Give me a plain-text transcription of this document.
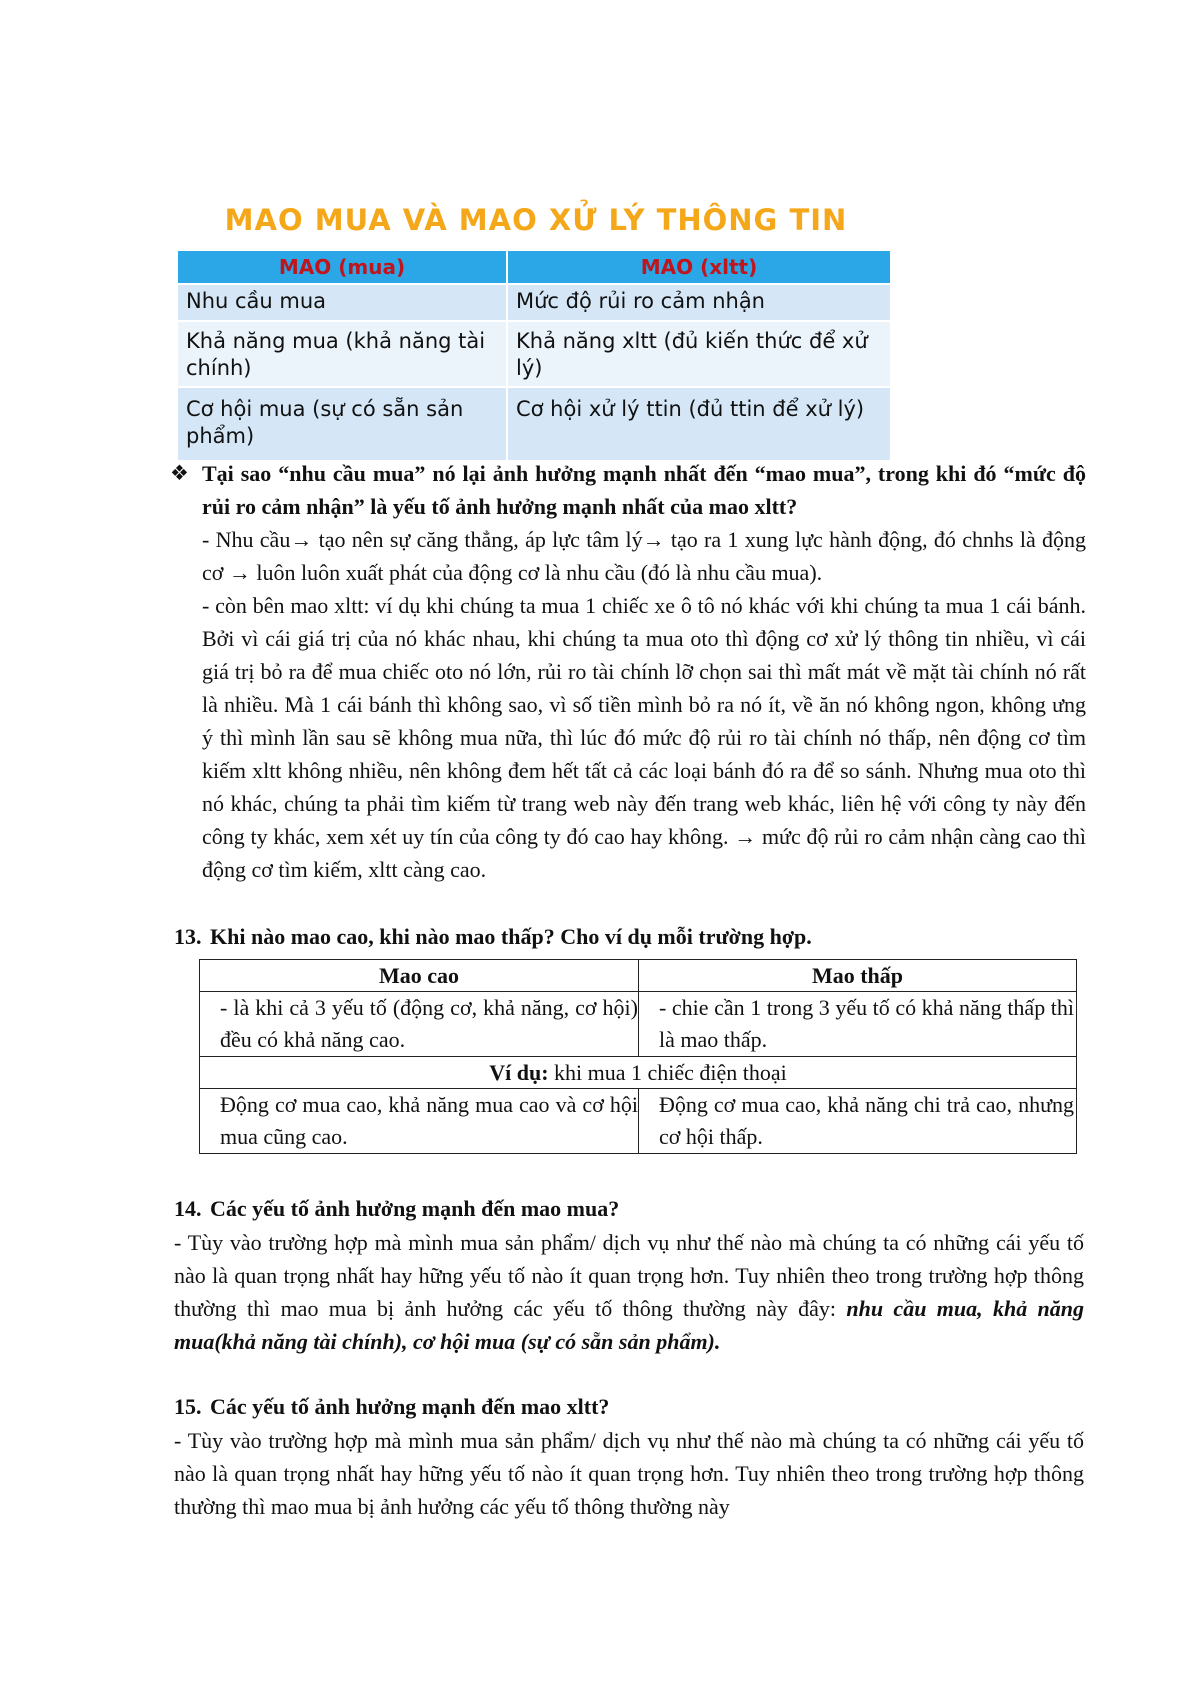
MAO MUA VÀ MAO XỬ LÝ THÔNG TIN
MAO (mua)	MAO (xltt)
Nhu cầu mua	Mức độ rủi ro cảm nhận
Khả năng mua (khả năng tài chính)	Khả năng xltt (đủ kiến thức để xử lý)
Cơ hội mua (sự có sẵn sản phẩm)	Cơ hội xử lý ttin (đủ ttin để xử lý)
❖ Tại sao “nhu cầu mua” nó lại ảnh hưởng mạnh nhất đến “mao mua”, trong khi đó “mức độ rủi ro cảm nhận” là yếu tố ảnh hưởng mạnh nhất của mao xltt?
- Nhu cầu→ tạo nên sự căng thẳng, áp lực tâm lý→ tạo ra 1 xung lực hành động, đó chnhs là động cơ → luôn luôn xuất phát của động cơ là nhu cầu (đó là nhu cầu mua).
- còn bên mao xltt: ví dụ khi chúng ta mua 1 chiếc xe ô tô nó khác với khi chúng ta mua 1 cái bánh. Bởi vì cái giá trị của nó khác nhau, khi chúng ta mua oto thì động cơ xử lý thông tin nhiều, vì cái giá trị bỏ ra để mua chiếc oto nó lớn, rủi ro tài chính lỡ chọn sai thì mất mát về mặt tài chính nó rất là nhiều. Mà 1 cái bánh thì không sao, vì số tiền mình bỏ ra nó ít, về ăn nó không ngon, không ưng ý thì mình lần sau sẽ không mua nữa, thì lúc đó mức độ rủi ro tài chính nó thấp, nên động cơ tìm kiếm xltt không nhiều, nên không đem hết tất cả các loại bánh đó ra để so sánh. Nhưng mua oto thì nó khác, chúng ta phải tìm kiếm từ trang web này đến trang web khác, liên hệ với công ty này đến công ty khác, xem xét uy tín của công ty đó cao hay không. → mức độ rủi ro cảm nhận càng cao thì động cơ tìm kiếm, xltt càng cao.
13. Khi nào mao cao, khi nào mao thấp? Cho ví dụ mỗi trường hợp.
Mao cao	Mao thấp
- là khi cả 3 yếu tố (động cơ, khả năng, cơ hội) đều có khả năng cao.	- chie cần 1 trong 3 yếu tố có khả năng thấp thì là mao thấp.
Ví dụ: khi mua 1 chiếc điện thoại	
Động cơ mua cao, khả năng mua cao và cơ hội mua cũng cao.	Động cơ mua cao, khả năng chi trả cao, nhưng cơ hội thấp.
14. Các yếu tố ảnh hưởng mạnh đến mao mua?
- Tùy vào trường hợp mà mình mua sản phẩm/ dịch vụ như thế nào mà chúng ta có những cái yếu tố nào là quan trọng nhất hay hững yếu tố nào ít quan trọng hơn. Tuy nhiên theo trong trường hợp thông thường thì mao mua bị ảnh hưởng các yếu tố thông thường này đây: nhu cầu mua, khả năng mua(khả năng tài chính), cơ hội mua (sự có sẵn sản phẩm).
15. Các yếu tố ảnh hưởng mạnh đến mao xltt?
- Tùy vào trường hợp mà mình mua sản phẩm/ dịch vụ như thế nào mà chúng ta có những cái yếu tố nào là quan trọng nhất hay hững yếu tố nào ít quan trọng hơn. Tuy nhiên theo trong trường hợp thông thường thì mao mua bị ảnh hưởng các yếu tố thông thường này
